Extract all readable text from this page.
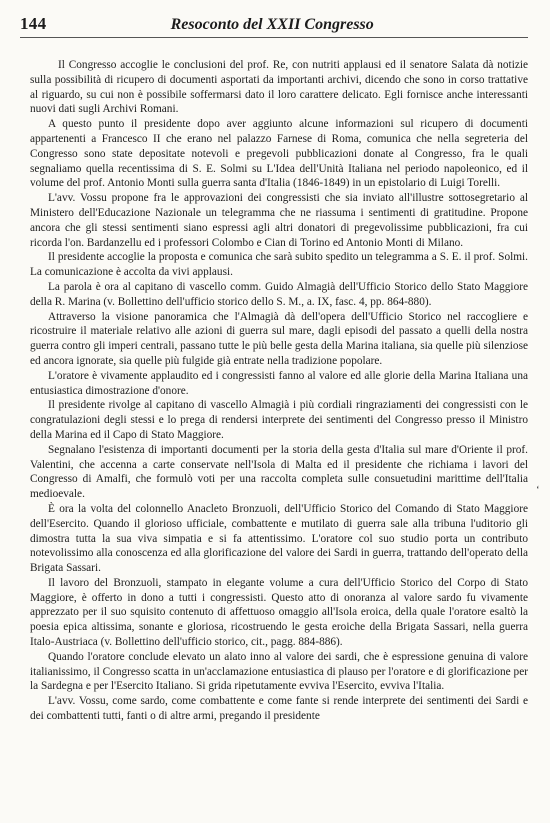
144	Resoconto del XXII Congresso

Il Congresso accoglie le conclusioni del prof. Re, con nutriti applausi ed il senatore Salata dà notizie sulla possibilità di ricupero di documenti asportati da importanti archivi, dicendo che sono in corso trattative al riguardo, su cui non è possibile soffermarsi dato il loro carattere delicato. Egli fornisce anche interessanti nuovi dati sugli Archivi Romani.

A questo punto il presidente dopo aver aggiunto alcune informazioni sul ricupero di documenti appartenenti a Francesco II che erano nel palazzo Farnese di Roma, comunica che nella segreteria del Congresso sono state depositate notevoli e pregevoli pubblicazioni donate al Congresso, fra le quali segnaliamo quella recentissima di S. E. Solmi su L'Idea dell'Unità Italiana nel periodo napoleonico, ed il volume del prof. Antonio Monti sulla guerra santa d'Italia (1846-1849) in un epistolario di Luigi Torelli.

L'avv. Vossu propone fra le approvazioni dei congressisti che sia inviato all'illustre sottosegretario al Ministero dell'Educazione Nazionale un telegramma che ne riassuma i sentimenti di gratitudine. Propone ancora che gli stessi sentimenti siano espressi agli altri donatori di pregevolissime pubblicazioni, fra cui ricorda l'on. Bardanzellu ed i professori Colombo e Cian di Torino ed Antonio Monti di Milano.

Il presidente accoglie la proposta e comunica che sarà subito spedito un telegramma a S. E. il prof. Solmi. La comunicazione è accolta da vivi applausi.

La parola è ora al capitano di vascello comm. Guido Almagià dell'Ufficio Storico dello Stato Maggiore della R. Marina (v. Bollettino dell'ufficio storico dello S. M., a. IX, fasc. 4, pp. 864-880).

Attraverso la visione panoramica che l'Almagià dà dell'opera dell'Ufficio Storico nel raccogliere e ricostruire il materiale relativo alle azioni di guerra sul mare, dagli episodi del passato a quelli della nostra guerra contro gli imperi centrali, passano tutte le più belle gesta della Marina italiana, sia quelle più silenziose ed ancora ignorate, sia quelle più fulgide già entrate nella tradizione popolare.

L'oratore è vivamente applaudito ed i congressisti fanno al valore ed alle glorie della Marina Italiana una entusiastica dimostrazione d'onore.

Il presidente rivolge al capitano di vascello Almagià i più cordiali ringraziamenti dei congressisti con le congratulazioni degli stessi e lo prega di rendersi interprete dei sentimenti del Congresso presso il Ministro della Marina ed il Capo di Stato Maggiore.

Segnalano l'esistenza di importanti documenti per la storia della gesta d'Italia sul mare d'Oriente il prof. Valentini, che accenna a carte conservate nell'Isola di Malta ed il presidente che richiama i lavori del Congresso di Amalfi, che formulò voti per una raccolta completa sulle consuetudini marittime dell'Italia medioevale.

È ora la volta del colonnello Anacleto Bronzuoli, dell'Ufficio Storico del Comando di Stato Maggiore dell'Esercito. Quando il glorioso ufficiale, combattente e mutilato di guerra sale alla tribuna l'uditorio gli dimostra tutta la sua viva simpatia e si fa attentissimo. L'oratore col suo studio porta un contributo notevolissimo alla conoscenza ed alla glorificazione del valore dei Sardi in guerra, trattando dell'operato della Brigata Sassari.

Il lavoro del Bronzuoli, stampato in elegante volume a cura dell'Ufficio Storico del Corpo di Stato Maggiore, è offerto in dono a tutti i congressisti. Questo atto di onoranza al valore sardo fu vivamente apprezzato per il suo squisito contenuto di affettuoso omaggio all'Isola eroica, della quale l'oratore esaltò la poesia epica altissima, sonante e gloriosa, ricostruendo le gesta eroiche della Brigata Sassari, nella guerra Italo-Austriaca (v. Bollettino dell'ufficio storico, cit., pagg. 884-886).

Quando l'oratore conclude elevato un alato inno al valore dei sardi, che è espressione genuina di valore italianissimo, il Congresso scatta in un'acclamazione entusiastica di plauso per l'oratore e di glorificazione per la Sardegna e per l'Esercito Italiano. Si grida ripetutamente evviva l'Esercito, evviva l'Italia.

L'avv. Vossu, come sardo, come combattente e come fante si rende interprete dei sentimenti dei Sardi e dei combattenti tutti, fanti o di altre armi, pregando il presidente

‘
